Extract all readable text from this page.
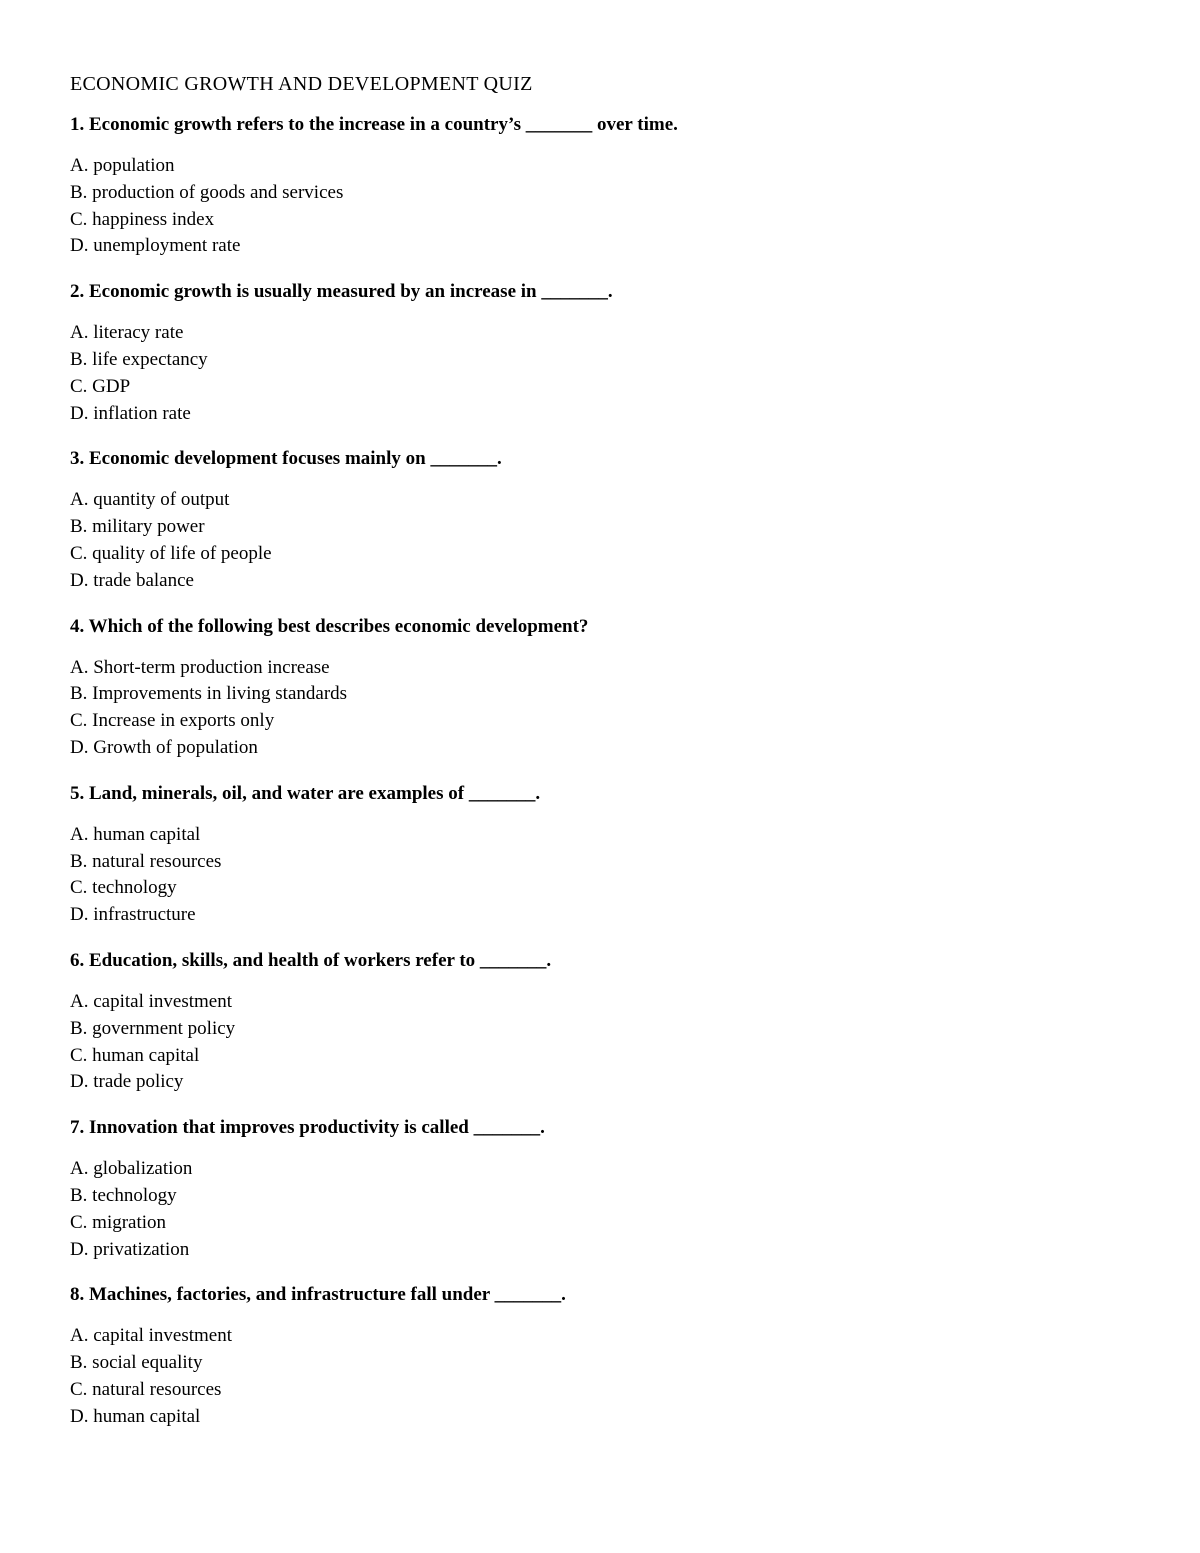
ECONOMIC GROWTH AND DEVELOPMENT QUIZ
1. Economic growth refers to the increase in a country’s _______ over time.
A. population
B. production of goods and services
C. happiness index
D. unemployment rate
2. Economic growth is usually measured by an increase in _______.
A. literacy rate
B. life expectancy
C. GDP
D. inflation rate
3. Economic development focuses mainly on _______.
A. quantity of output
B. military power
C. quality of life of people
D. trade balance
4. Which of the following best describes economic development?
A. Short-term production increase
B. Improvements in living standards
C. Increase in exports only
D. Growth of population
5. Land, minerals, oil, and water are examples of _______.
A. human capital
B. natural resources
C. technology
D. infrastructure
6. Education, skills, and health of workers refer to _______.
A. capital investment
B. government policy
C. human capital
D. trade policy
7. Innovation that improves productivity is called _______.
A. globalization
B. technology
C. migration
D. privatization
8. Machines, factories, and infrastructure fall under _______.
A. capital investment
B. social equality
C. natural resources
D. human capital
